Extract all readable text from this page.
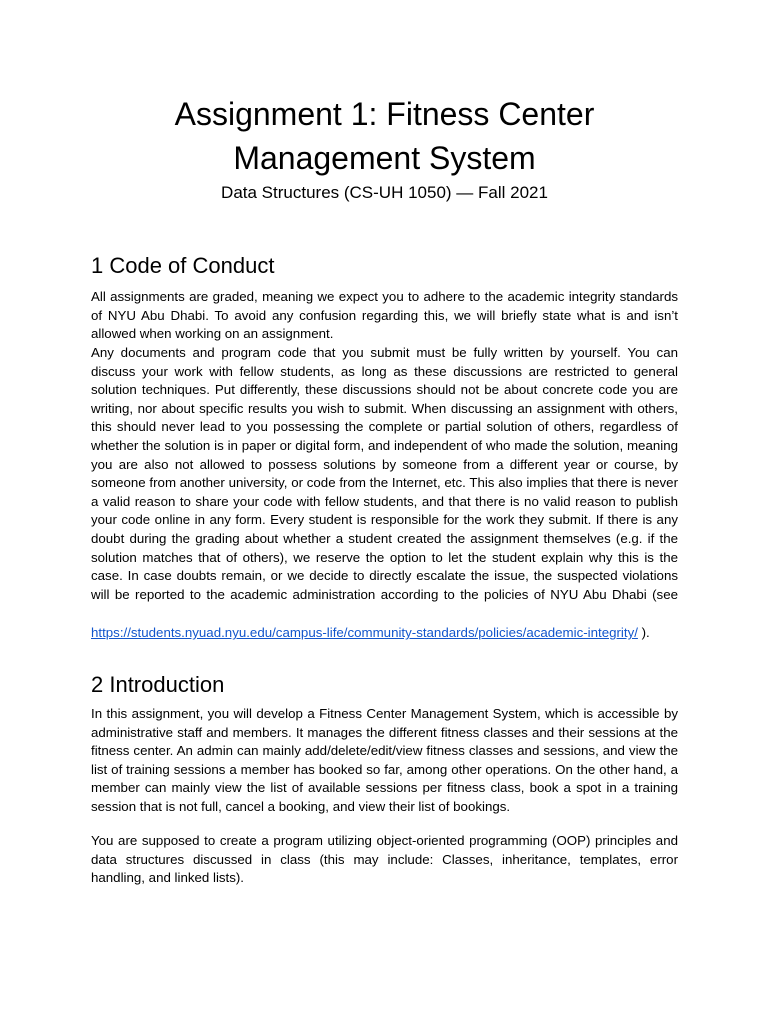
Assignment 1: Fitness Center
Management System
Data Structures (CS-UH 1050) — Fall 2021
1 Code of Conduct

All assignments are graded, meaning we expect you to adhere to the academic integrity standards of NYU Abu Dhabi. To avoid any confusion regarding this, we will briefly state what is and isn’t allowed when working on an assignment.

Any documents and program code that you submit must be fully written by yourself. You can discuss your work with fellow students, as long as these discussions are restricted to general solution techniques. Put differently, these discussions should not be about concrete code you are writing, nor about specific results you wish to submit. When discussing an assignment with others, this should never lead to you possessing the complete or partial solution of others, regardless of whether the solution is in paper or digital form, and independent of who made the solution, meaning you are also not allowed to possess solutions by someone from a different year or course, by someone from another university, or code from the Internet, etc. This also implies that there is never a valid reason to share your code with fellow students, and that there is no valid reason to publish your code online in any form. Every student is responsible for the work they submit. If there is any doubt during the grading about whether a student created the assignment themselves (e.g. if the solution matches that of others), we reserve the option to let the student explain why this is the case. In case doubts remain, or we decide to directly escalate the issue, the suspected violations will be reported to the academic administration according to the policies of NYU Abu Dhabi (see

https://students.nyuad.nyu.edu/campus-life/community-standards/policies/academic-integrity/ ).

2 Introduction

In this assignment, you will develop a Fitness Center Management System, which is accessible by administrative staff and members. It manages the different fitness classes and their sessions at the fitness center. An admin can mainly add/delete/edit/view fitness classes and sessions, and view the list of training sessions a member has booked so far, among other operations. On the other hand, a member can mainly view the list of available sessions per fitness class, book a spot in a training session that is not full, cancel a booking, and view their list of bookings.

You are supposed to create a program utilizing object-oriented programming (OOP) principles and data structures discussed in class (this may include: Classes, inheritance, templates, error handling, and linked lists).
